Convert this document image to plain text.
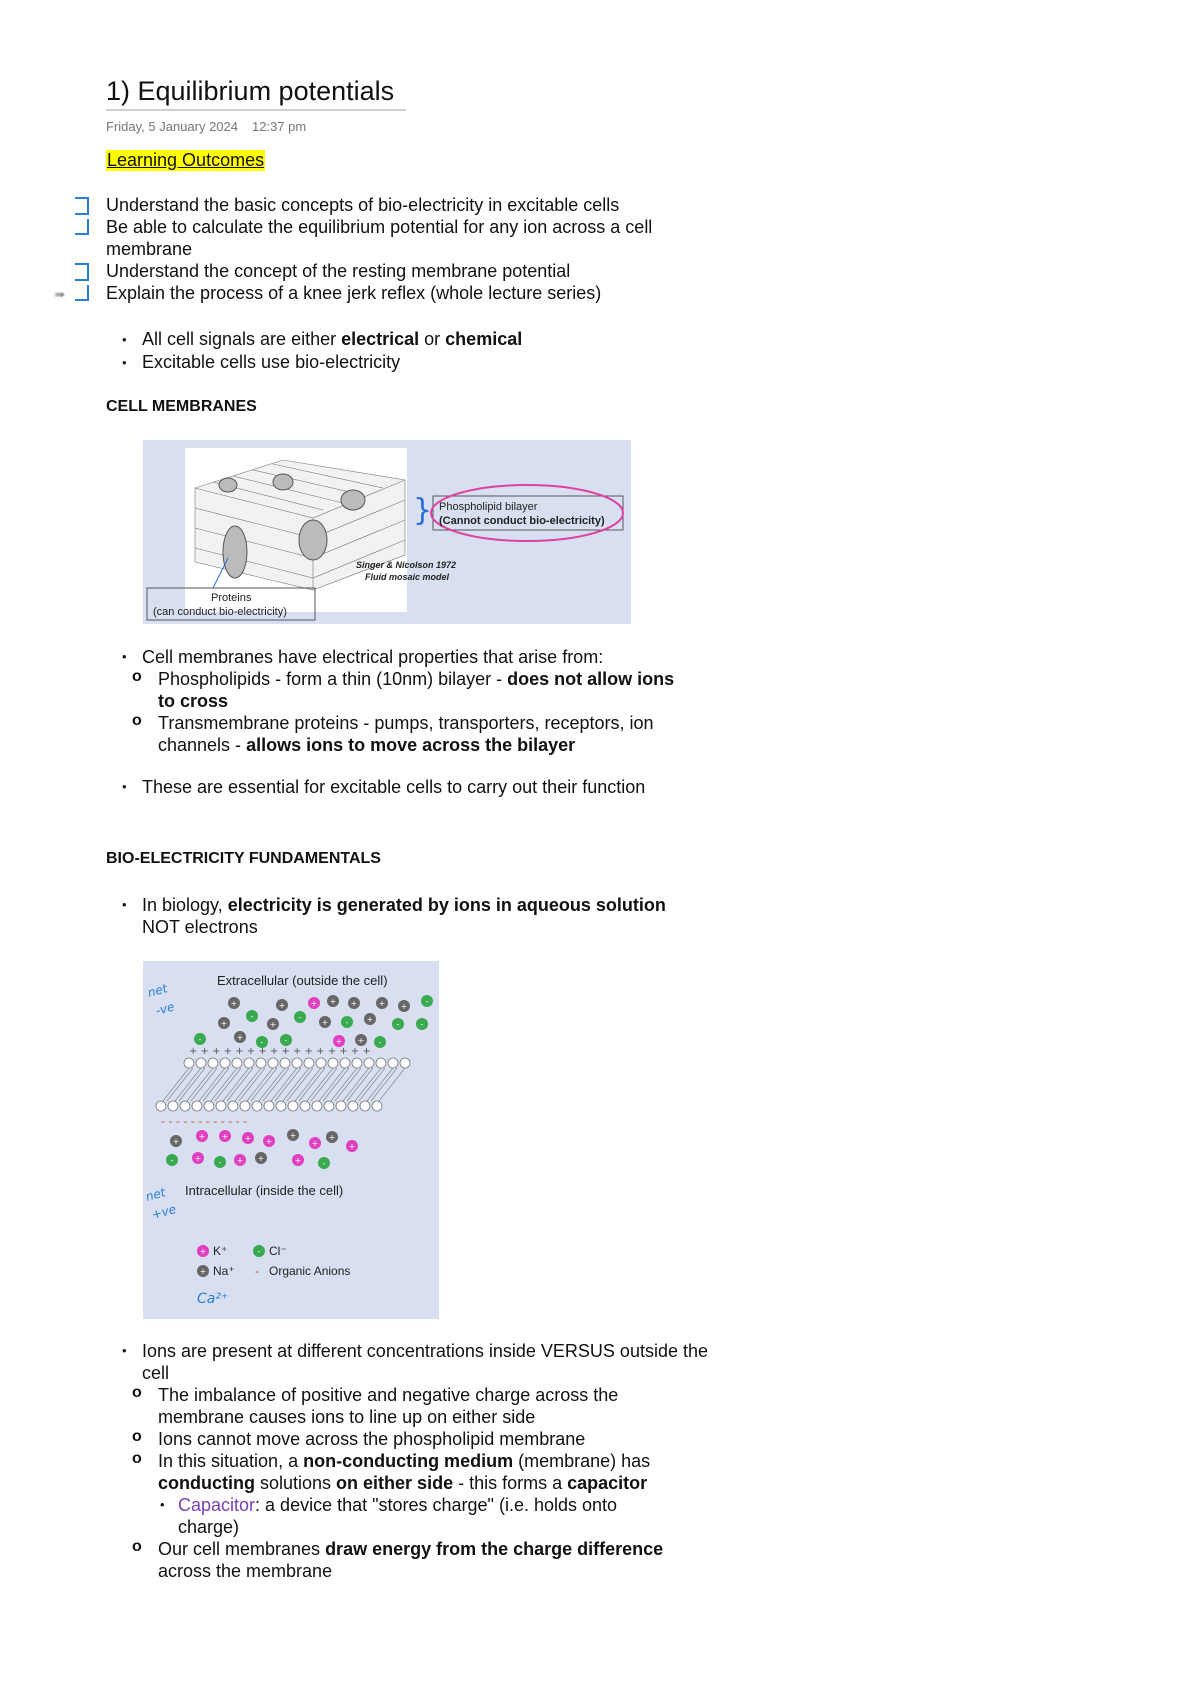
1) Equilibrium potentials
Friday, 5 January 2024 12:37 pm
Learning Outcomes
Understand the basic concepts of bio-electricity in excitable cells
Be able to calculate the equilibrium potential for any ion across a cell
membrane
Understand the concept of the resting membrane potential
➠ Explain the process of a knee jerk reflex (whole lecture series)
• All cell signals are either electrical or chemical
• Excitable cells use bio-electricity
CELL MEMBRANES
} Phospholipid bilayer
(Cannot conduct bio-electricity)
Singer & Nicolson 1972
Fluid mosaic model
Proteins
(can conduct bio-electricity)
• Cell membranes have electrical properties that arise from:
o Phospholipids - form a thin (10nm) bilayer - does not allow ions
to cross
o Transmembrane proteins - pumps, transporters, receptors, ion
channels - allows ions to move across the bilayer
• These are essential for excitable cells to carry out their function
BIO-ELECTRICITY FUNDAMENTALS
• In biology, electricity is generated by ions in aqueous solution
NOT electrons
Extracellular (outside the cell)
net
-ve	+
-
+	+ + +	+ +
-
+	+
-
+ - +
-	-
-	+
-	-	+ + -
+ + + + + + + + + + + + + + + +
- - - - - - - - - - - -
+
+ + + +
+
+
+
+
-	+ - + +	+	-
Intracellular (inside the cell)
net
+ve
+ K⁺	- Cl⁻
+ Na⁺ - Organic Anions
Ca²⁺
• Ions are present at different concentrations inside VERSUS outside the
cell
o The imbalance of positive and negative charge across the
membrane causes ions to line up on either side
o Ions cannot move across the phospholipid membrane
o In this situation, a non-conducting medium (membrane) has
conducting solutions on either side - this forms a capacitor
• Capacitor: a device that "stores charge" (i.e. holds onto
charge)
o Our cell membranes draw energy from the charge difference
across the membrane
